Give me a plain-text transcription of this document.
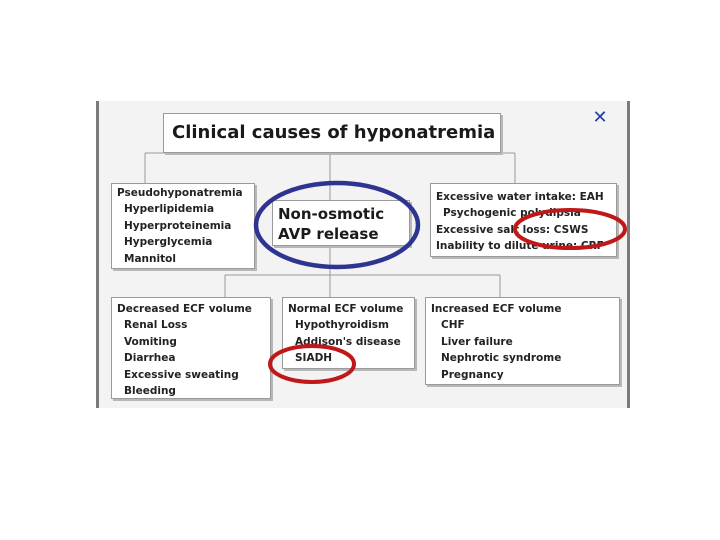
Clinical causes of hyponatremia
✕
Pseudohyponatremia
Hyperlipidemia
Hyperproteinemia
Hyperglycemia
Mannitol
Non-osmotic
AVP release
Excessive water intake: EAH
Psychogenic polydipsia
Excessive salt loss: CSWS
Inability to dilute urine: CRF
Decreased ECF volume
Renal Loss
Vomiting
Diarrhea
Excessive sweating
Bleeding
Normal ECF volume
Hypothyroidism
Addison's disease
SIADH
Increased ECF volume
CHF
Liver failure
Nephrotic syndrome
Pregnancy
